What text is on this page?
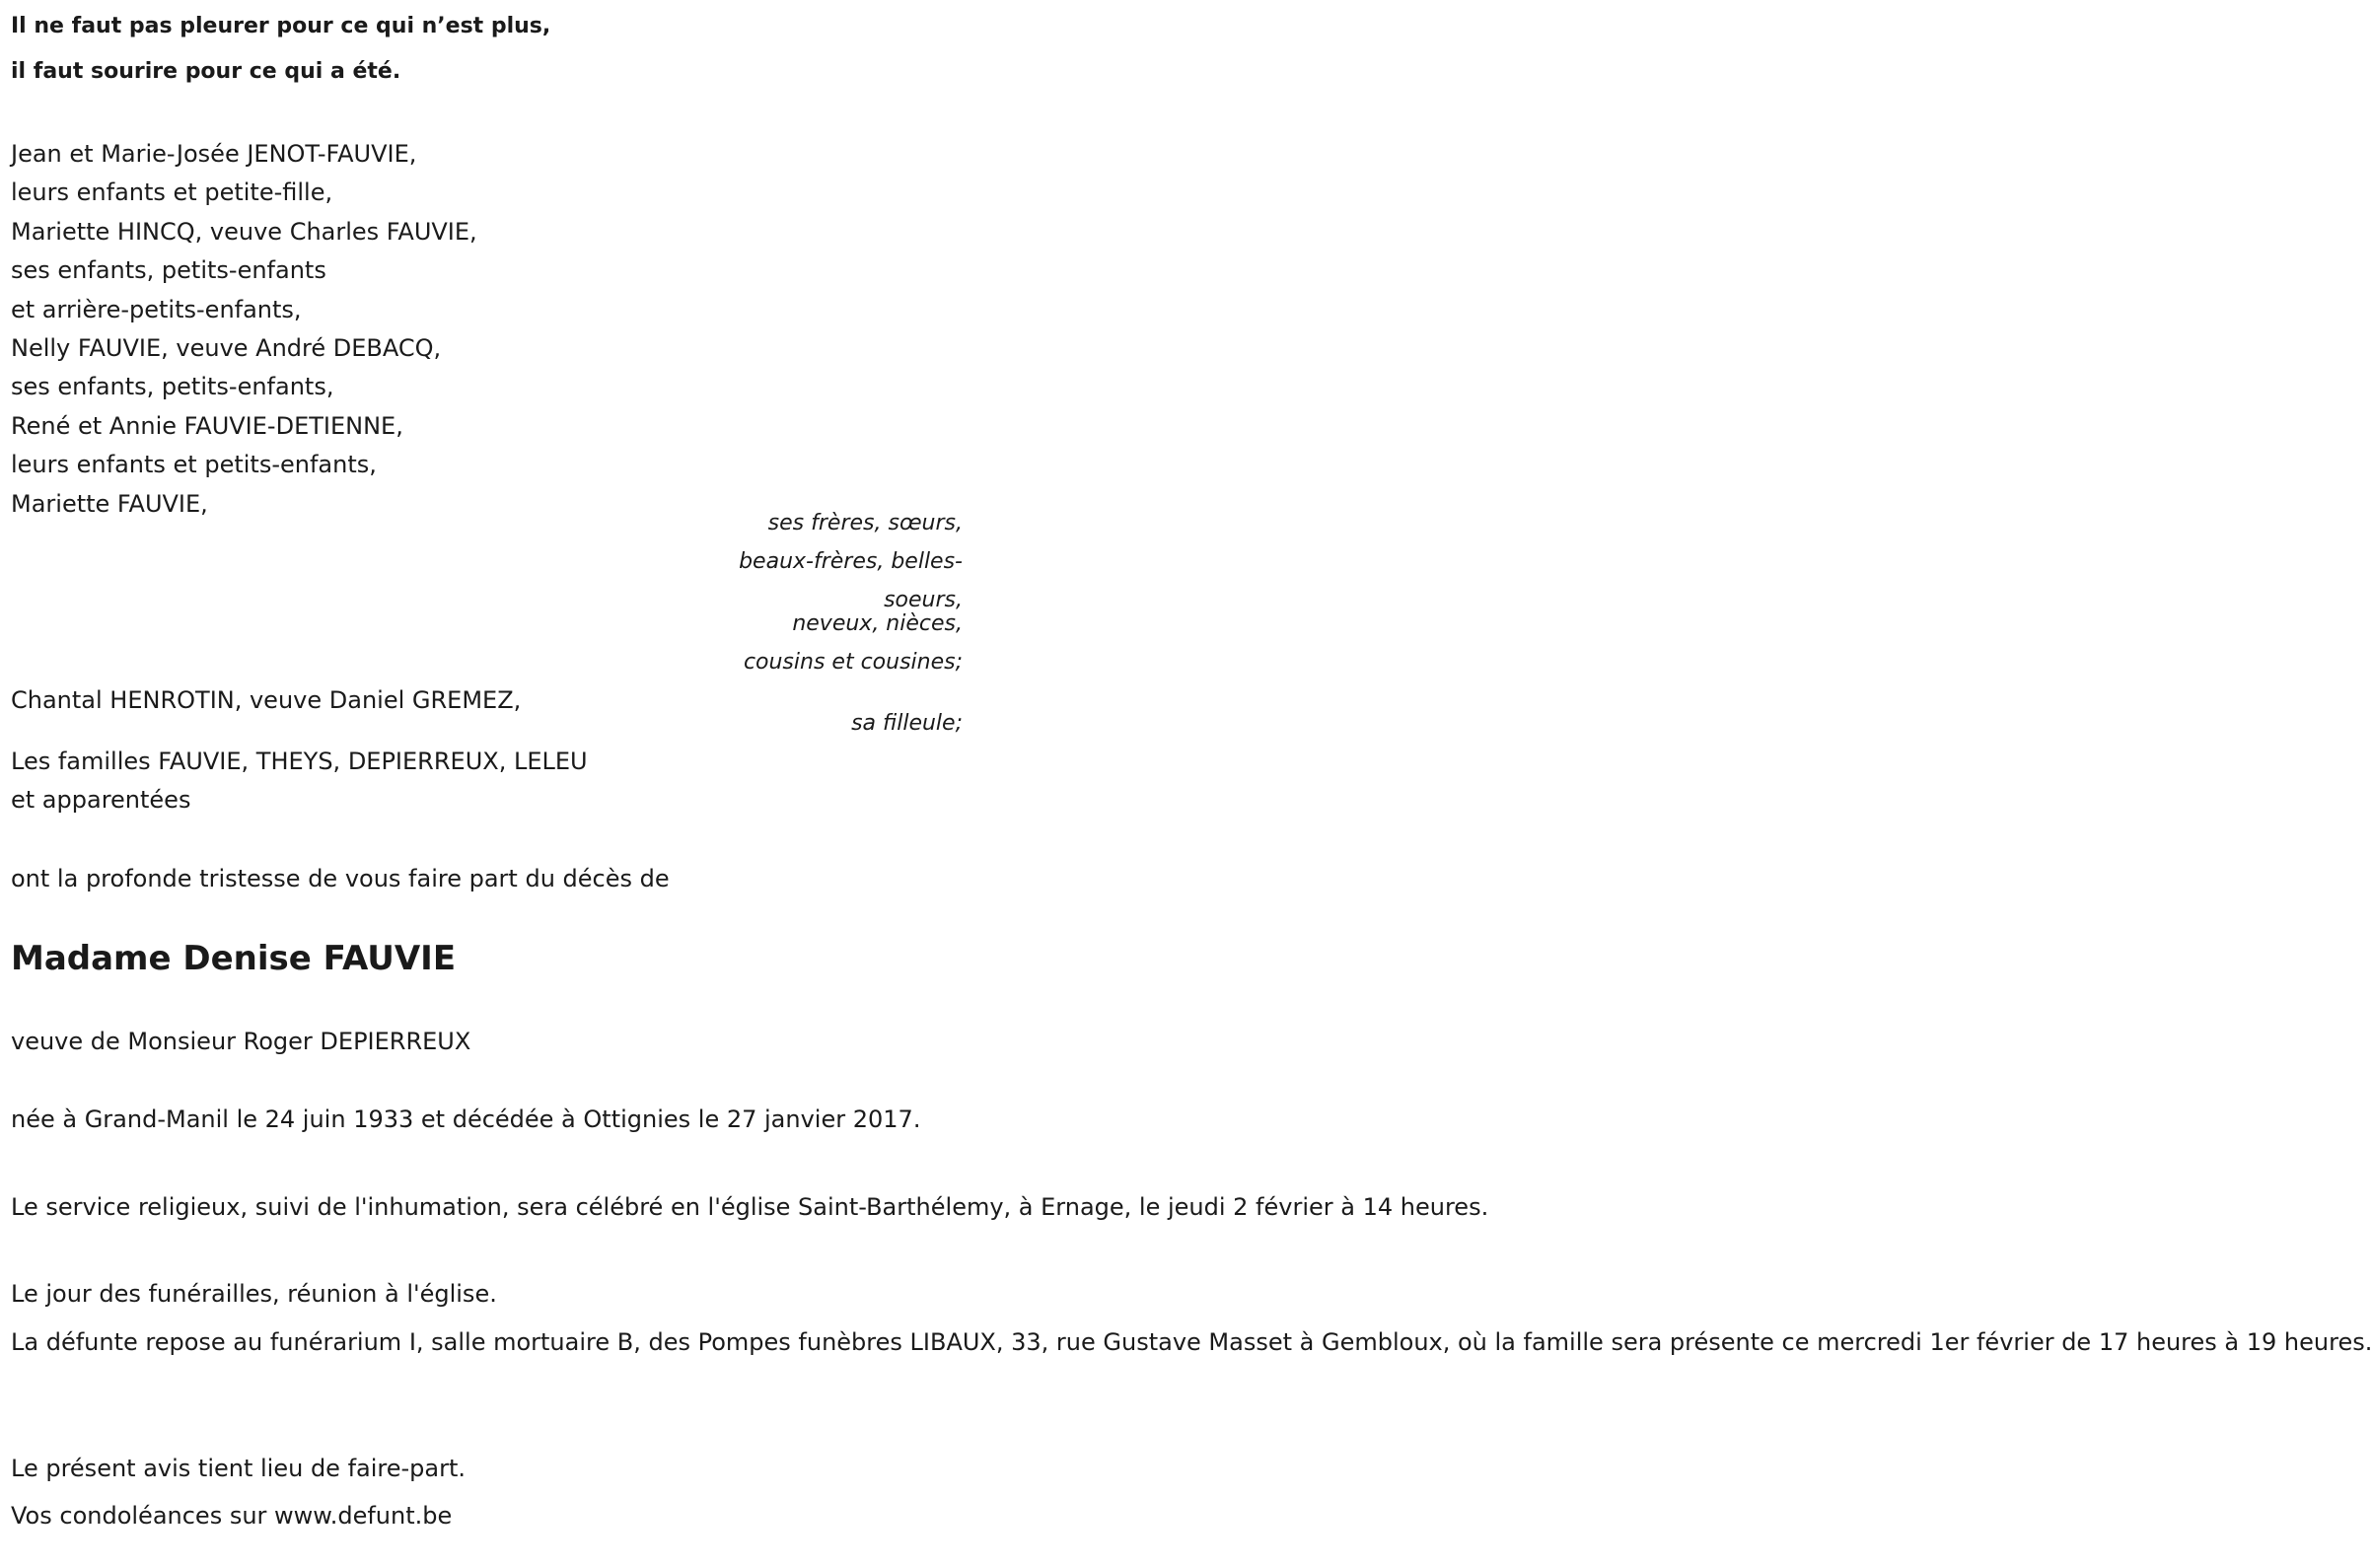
Il ne faut pas pleurer pour ce qui n’est plus,
il faut sourire pour ce qui a été.
Jean et Marie-Josée JENOT-FAUVIE,
leurs enfants et petite-fille,
Mariette HINCQ, veuve Charles FAUVIE,
ses enfants, petits-enfants
et arrière-petits-enfants,
Nelly FAUVIE, veuve André DEBACQ,
ses enfants, petits-enfants,
René et Annie FAUVIE-DETIENNE,
leurs enfants et petits-enfants,
Mariette FAUVIE,
ses frères, sœurs,
beaux-frères, belles-
soeurs,
neveux, nièces,
cousins et cousines;
Chantal HENROTIN, veuve Daniel GREMEZ,
sa filleule;
Les familles FAUVIE, THEYS, DEPIERREUX, LELEU
et apparentées
ont la profonde tristesse de vous faire part du décès de
Madame Denise FAUVIE
veuve de Monsieur Roger DEPIERREUX
née à Grand-Manil le 24 juin 1933 et décédée à Ottignies le 27 janvier 2017.
Le service religieux, suivi de l'inhumation, sera célébré en l'église Saint-Barthélemy, à Ernage, le jeudi 2 février à 14 heures.
Le jour des funérailles, réunion à l'église.
La défunte repose au funérarium I, salle mortuaire B, des Pompes funèbres LIBAUX, 33, rue Gustave Masset à Gembloux, où la famille sera présente ce mercredi 1er février de 17 heures à 19 heures.
Le présent avis tient lieu de faire-part.
Vos condoléances sur www.defunt.be
